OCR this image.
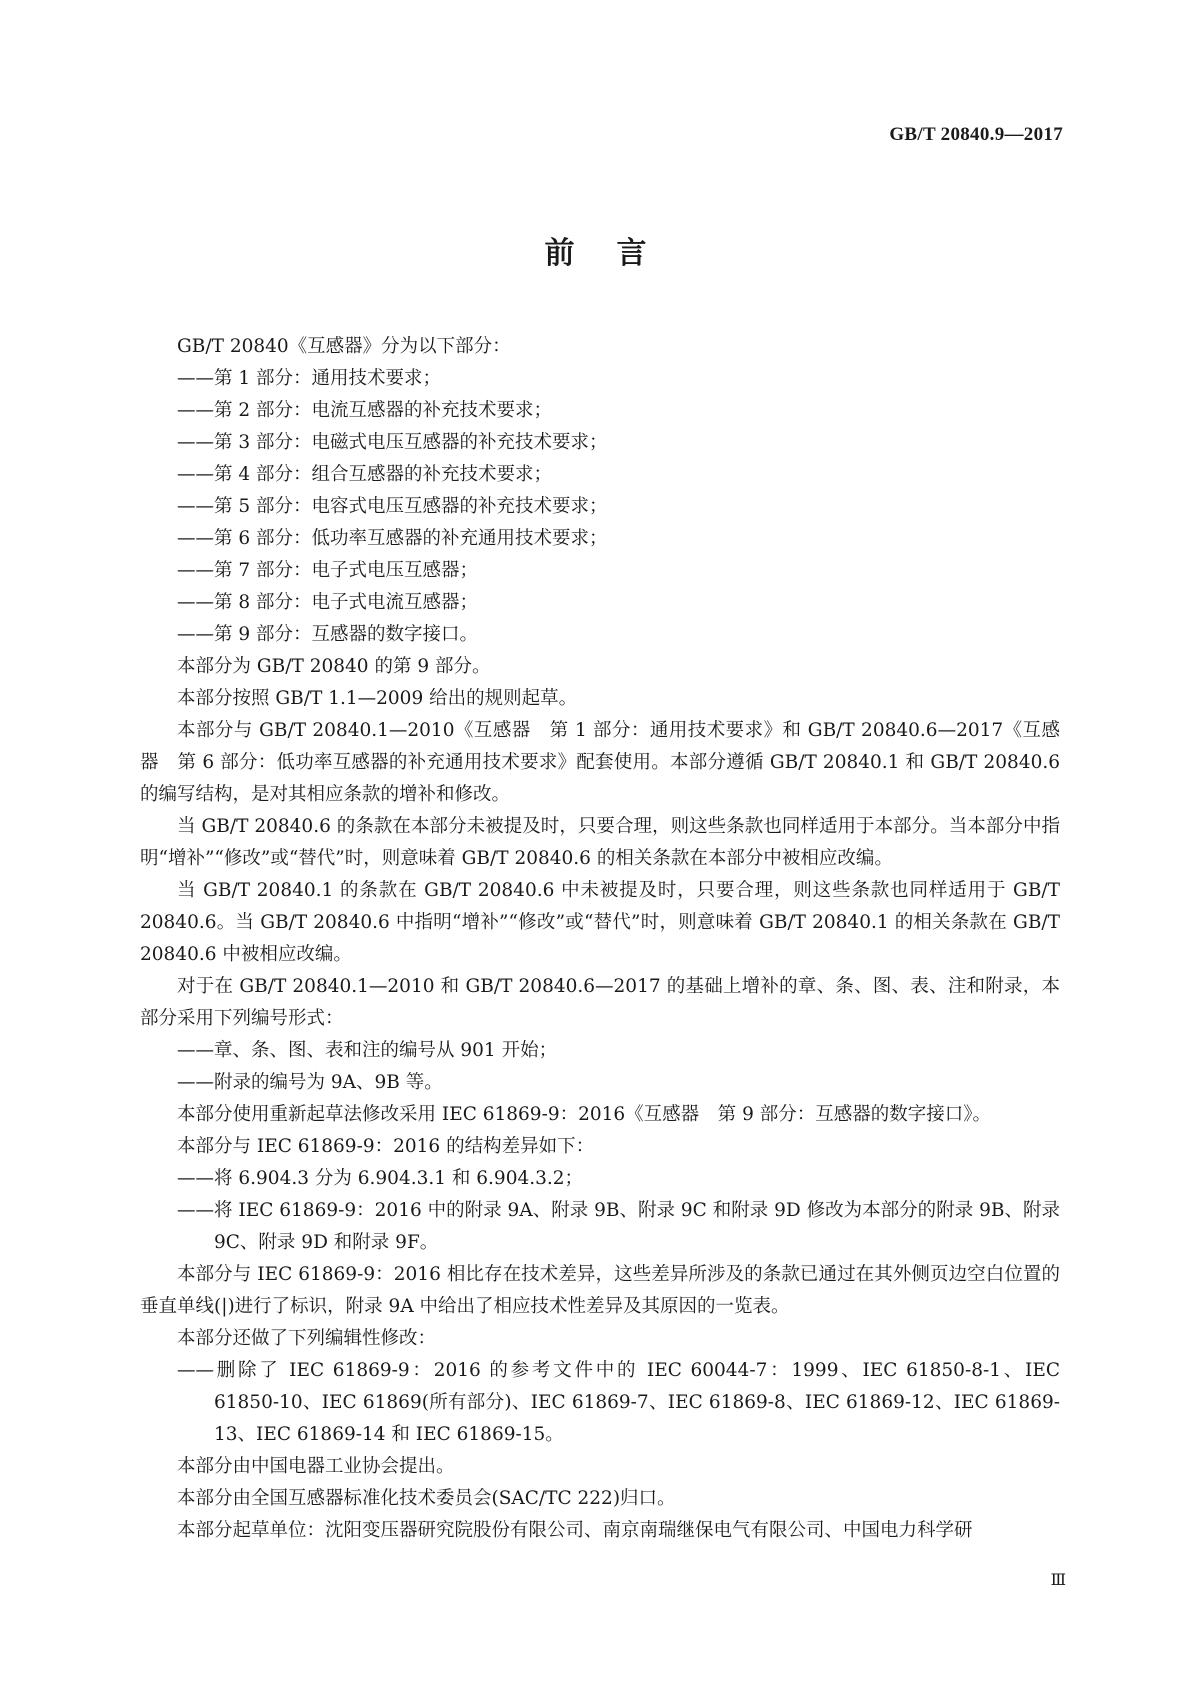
GB/T 20840.9—2017
前言

GB/T 20840《互感器》分为以下部分：

——第 1 部分：通用技术要求；

——第 2 部分：电流互感器的补充技术要求；

——第 3 部分：电磁式电压互感器的补充技术要求；

——第 4 部分：组合互感器的补充技术要求；

——第 5 部分：电容式电压互感器的补充技术要求；

——第 6 部分：低功率互感器的补充通用技术要求；

——第 7 部分：电子式电压互感器；

——第 8 部分：电子式电流互感器；

——第 9 部分：互感器的数字接口。

本部分为 GB/T 20840 的第 9 部分。

本部分按照 GB/T 1.1—2009 给出的规则起草。

本部分与 GB/T 20840.1—2010《互感器　第 1 部分：通用技术要求》和 GB/T 20840.6—2017《互感器　第 6 部分：低功率互感器的补充通用技术要求》配套使用。本部分遵循 GB/T 20840.1 和 GB/T 20840.6 的编写结构，是对其相应条款的增补和修改。

当 GB/T 20840.6 的条款在本部分未被提及时，只要合理，则这些条款也同样适用于本部分。当本部分中指明“增补”“修改”或“替代”时，则意味着 GB/T 20840.6 的相关条款在本部分中被相应改编。

当 GB/T 20840.1 的条款在 GB/T 20840.6 中未被提及时，只要合理，则这些条款也同样适用于 GB/T 20840.6。当 GB/T 20840.6 中指明“增补”“修改”或“替代”时，则意味着 GB/T 20840.1 的相关条款在 GB/T 20840.6 中被相应改编。

对于在 GB/T 20840.1—2010 和 GB/T 20840.6—2017 的基础上增补的章、条、图、表、注和附录，本部分采用下列编号形式：

——章、条、图、表和注的编号从 901 开始；

——附录的编号为 9A、9B 等。

本部分使用重新起草法修改采用 IEC 61869-9：2016《互感器　第 9 部分：互感器的数字接口》。

本部分与 IEC 61869-9：2016 的结构差异如下：

——将 6.904.3 分为 6.904.3.1 和 6.904.3.2；

——将 IEC 61869-9：2016 中的附录 9A、附录 9B、附录 9C 和附录 9D 修改为本部分的附录 9B、附录 9C、附录 9D 和附录 9F。

本部分与 IEC 61869-9：2016 相比存在技术差异，这些差异所涉及的条款已通过在其外侧页边空白位置的垂直单线(|)进行了标识，附录 9A 中给出了相应技术性差异及其原因的一览表。

本部分还做了下列编辑性修改：

——删除了 IEC 61869-9：2016 的参考文件中的 IEC 60044-7：1999、IEC 61850-8-1、IEC 61850-10、IEC 61869(所有部分)、IEC 61869-7、IEC 61869-8、IEC 61869-12、IEC 61869-13、IEC 61869-14 和 IEC 61869-15。

本部分由中国电器工业协会提出。

本部分由全国互感器标准化技术委员会(SAC/TC 222)归口。

本部分起草单位：沈阳变压器研究院股份有限公司、南京南瑞继保电气有限公司、中国电力科学研

Ⅲ
